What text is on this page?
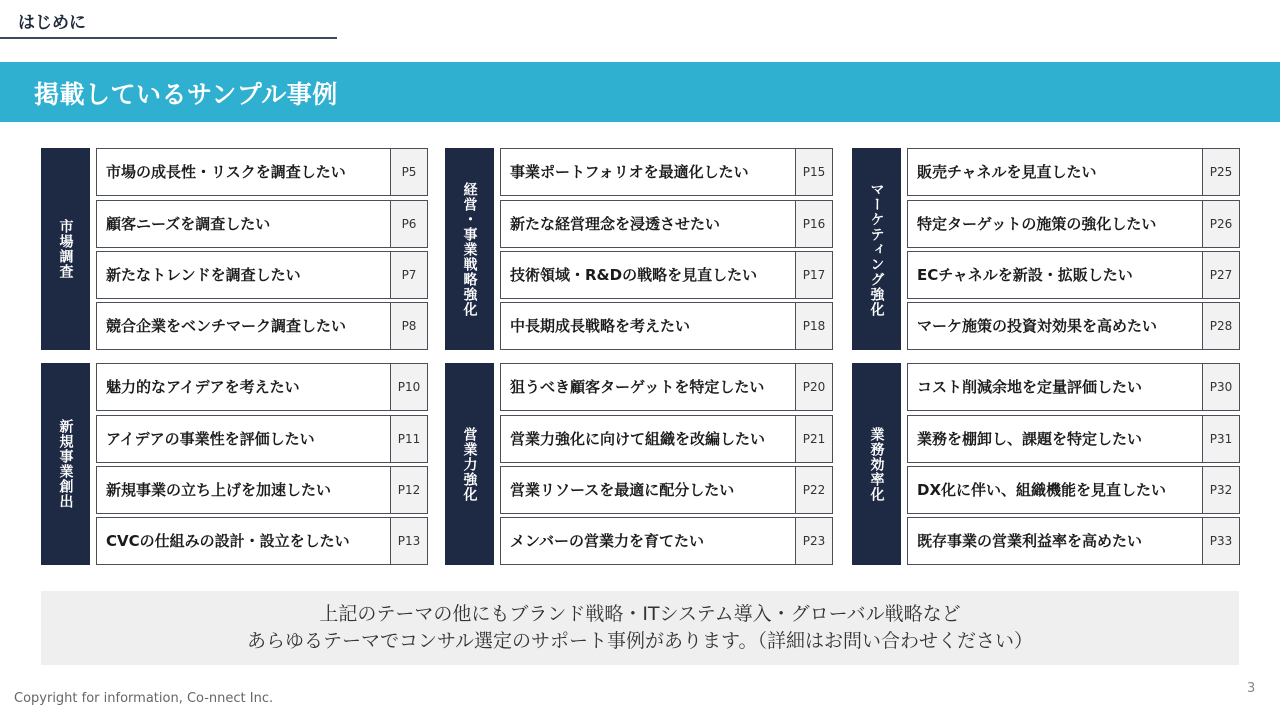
はじめに
掲載しているサンプル事例
市場調査
市場の成長性・リスクを調査したい	P5
顧客ニーズを調査したい	P6
新たなトレンドを調査したい	P7
競合企業をベンチマーク調査したい	P8
経営・事業戦略強化
事業ポートフォリオを最適化したい	P15
新たな経営理念を浸透させたい	P16
技術領域・R&Dの戦略を見直したい	P17
中長期成長戦略を考えたい	P18
マーケティング強化
販売チャネルを見直したい	P25
特定ターゲットの施策の強化したい	P26
ECチャネルを新設・拡販したい	P27
マーケ施策の投資対効果を高めたい	P28
新規事業創出
魅力的なアイデアを考えたい	P10
アイデアの事業性を評価したい	P11
新規事業の立ち上げを加速したい	P12
CVCの仕組みの設計・設立をしたい	P13
営業力強化
狙うべき顧客ターゲットを特定したい	P20
営業力強化に向けて組織を改編したい	P21
営業リソースを最適に配分したい	P22
メンバーの営業力を育てたい	P23
業務効率化
コスト削減余地を定量評価したい	P30
業務を棚卸し、課題を特定したい	P31
DX化に伴い、組織機能を見直したい	P32
既存事業の営業利益率を高めたい	P33
上記のテーマの他にもブランド戦略・ITシステム導入・グローバル戦略など
あらゆるテーマでコンサル選定のサポート事例があります。（詳細はお問い合わせください）
Copyright for information, Co-nnect Inc.
3
